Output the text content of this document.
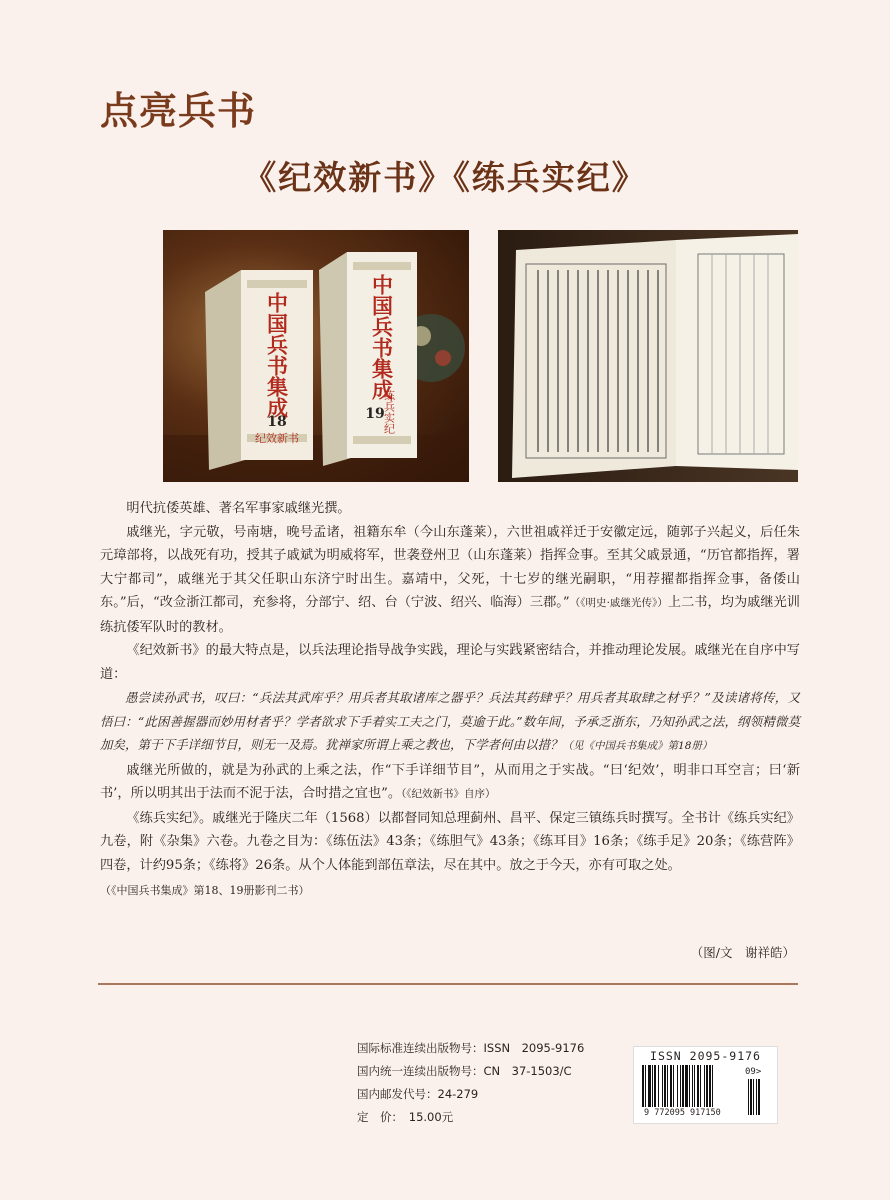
点亮兵书
《纪效新书》《练兵实纪》
中国兵书集成
18
纪效新书
中国兵书集成
19
练兵实纪

明代抗倭英雄、著名军事家戚继光撰。

戚继光，字元敬，号南塘，晚号孟诸，祖籍东牟（今山东蓬莱），六世祖戚祥迁于安徽定远，随郭子兴起义，后任朱元璋部将，以战死有功，授其子戚斌为明威将军，世袭登州卫（山东蓬莱）指挥佥事。至其父戚景通，“历官都指挥，署大宁都司”，戚继光于其父任职山东济宁时出生。嘉靖中，父死，十七岁的继光嗣职，“用荐擢都指挥佥事，备倭山东。”后，“改佥浙江都司，充参将，分部宁、绍、台（宁波、绍兴、临海）三郡。”（《明史·戚继光传》）上二书，均为戚继光训练抗倭军队时的教材。

《纪效新书》的最大特点是，以兵法理论指导战争实践，理论与实践紧密结合，并推动理论发展。戚继光在自序中写道：

愚尝读孙武书，叹曰：“兵法其武库乎？用兵者其取诸库之器乎？兵法其药肆乎？用兵者其取肆之材乎？”及读诸将传，又悟曰：“此困善握器而妙用材者乎？学者欲求下手着实工夫之门，莫逾于此。”数年间，予承乏浙东，乃知孙武之法，纲领精微莫　加矣，第于下手详细节目，则无一及焉。犹禅家所谓上乘之教也，下学者何由以措？（见《中国兵书集成》第18册）

戚继光所做的，就是为孙武的上乘之法，作“下手详细节目”，从而用之于实战。“曰‘纪效’，明非口耳空言；曰‘新书’，所以明其出于法而不泥于法，合时措之宜也”。（《纪效新书》自序）

《练兵实纪》。戚继光于隆庆二年（1568）以都督同知总理蓟州、昌平、保定三镇练兵时撰写。全书计《练兵实纪》九卷，附《杂集》六卷。九卷之目为：《练伍法》43条；《练胆气》43条；《练耳目》16条；《练手足》20条；《练营阵》四卷，计约95条；《练将》26条。从个人体能到部伍章法，尽在其中。放之于今天，亦有可取之处。

（《中国兵书集成》第18、19册影刊二书）

（图/文　谢祥皓）
国际标准连续出版物号：ISSN　2095-9176
国内统一连续出版物号：CN　37-1503/C
国内邮发代号：24-279
定　价：　15.00元
ISSN 2095-9176
09>
9 772095 917150
